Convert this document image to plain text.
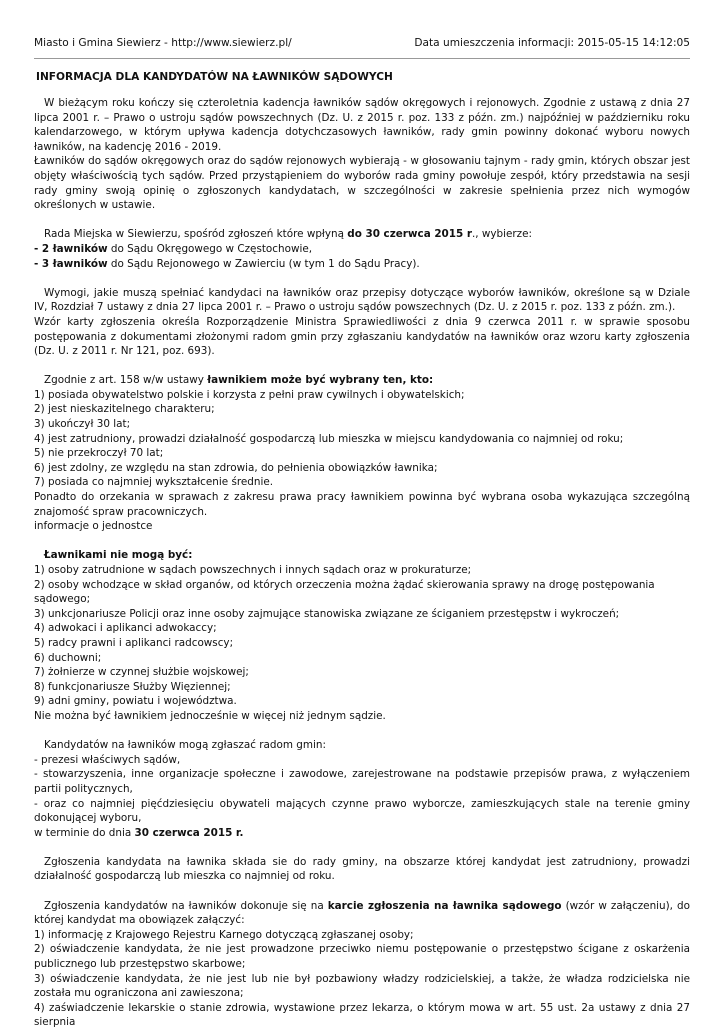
Miasto i Gmina Siewierz - http://www.siewierz.pl/	Data umieszczenia informacji: 2015-05-15 14:12:05
INFORMACJA DLA KANDYDATÓW NA ŁAWNIKÓW SĄDOWYCH

W bieżącym roku kończy się czteroletnia kadencja ławników sądów okręgowych i rejonowych. Zgodnie z ustawą z dnia 27 lipca 2001 r. – Prawo o ustroju sądów powszechnych (Dz. U. z 2015 r. poz. 133 z późn. zm.) najpóźniej w październiku roku kalendarzowego, w którym upływa kadencja dotychczasowych ławników, rady gmin powinny dokonać wyboru nowych ławników, na kadencję 2016 - 2019.

Ławników do sądów okręgowych oraz do sądów rejonowych wybierają - w głosowaniu tajnym - rady gmin, których obszar jest objęty właściwością tych sądów. Przed przystąpieniem do wyborów rada gminy powołuje zespół, który przedstawia na sesji rady gminy swoją opinię o zgłoszonych kandydatach, w szczególności w zakresie spełnienia przez nich wymogów określonych w ustawie.

Rada Miejska w Siewierzu, spośród zgłoszeń które wpłyną do 30 czerwca 2015 r., wybierze:

- 2 ławników do Sądu Okręgowego w Częstochowie,

- 3 ławników do Sądu Rejonowego w Zawierciu (w tym 1 do Sądu Pracy).

Wymogi, jakie muszą spełniać kandydaci na ławników oraz przepisy dotyczące wyborów ławników, określone są w Dziale IV, Rozdział 7 ustawy z dnia 27 lipca 2001 r. – Prawo o ustroju sądów powszechnych (Dz. U. z 2015 r. poz. 133 z późn. zm.).

Wzór karty zgłoszenia określa Rozporządzenie Ministra Sprawiedliwości z dnia 9 czerwca 2011 r. w sprawie sposobu postępowania z dokumentami złożonymi radom gmin przy zgłaszaniu kandydatów na ławników oraz wzoru karty zgłoszenia (Dz. U. z 2011 r. Nr 121, poz. 693).

Zgodnie z art. 158 w/w ustawy ławnikiem może być wybrany ten, kto:

1) posiada obywatelstwo polskie i korzysta z pełni praw cywilnych i obywatelskich;

2) jest nieskazitelnego charakteru;

3) ukończył 30 lat;

4) jest zatrudniony, prowadzi działalność gospodarczą lub mieszka w miejscu kandydowania co najmniej od roku;

5) nie przekroczył 70 lat;

6) jest zdolny, ze względu na stan zdrowia, do pełnienia obowiązków ławnika;

7) posiada co najmniej wykształcenie średnie.

Ponadto do orzekania w sprawach z zakresu prawa pracy ławnikiem powinna być wybrana osoba wykazująca szczególną znajomość spraw pracowniczych.

informacje o jednostce

Ławnikami nie mogą być:

1) osoby zatrudnione w sądach powszechnych i innych sądach oraz w prokuraturze;

2) osoby wchodzące w skład organów, od których orzeczenia można żądać skierowania sprawy na drogę postępowania sądowego;

3) unkcjonariusze Policji oraz inne osoby zajmujące stanowiska związane ze ściganiem przestępstw i wykroczeń;

4) adwokaci i aplikanci adwokaccy;

5) radcy prawni i aplikanci radcowscy;

6) duchowni;

7) żołnierze w czynnej służbie wojskowej;

8) funkcjonariusze Służby Więziennej;

9) adni gminy, powiatu i województwa.

Nie można być ławnikiem jednocześnie w więcej niż jednym sądzie.

Kandydatów na ławników mogą zgłaszać radom gmin:

- prezesi właściwych sądów,

- stowarzyszenia, inne organizacje społeczne i zawodowe, zarejestrowane na podstawie przepisów prawa, z wyłączeniem partii politycznych,

- oraz co najmniej pięćdziesięciu obywateli mających czynne prawo wyborcze, zamieszkujących stale na terenie gminy dokonującej wyboru,

w terminie do dnia 30 czerwca 2015 r.

Zgłoszenia kandydata na ławnika składa sie do rady gminy, na obszarze której kandydat jest zatrudniony, prowadzi działalność gospodarczą lub mieszka co najmniej od roku.

Zgłoszenia kandydatów na ławników dokonuje się na karcie zgłoszenia na ławnika sądowego (wzór w załączeniu), do której kandydat ma obowiązek załączyć:

1) informację z Krajowego Rejestru Karnego dotyczącą zgłaszanej osoby;

2) oświadczenie kandydata, że nie jest prowadzone przeciwko niemu postępowanie o przestępstwo ścigane z oskarżenia publicznego lub przestępstwo skarbowe;

3) oświadczenie kandydata, że nie jest lub nie był pozbawiony władzy rodzicielskiej, a także, że władza rodzicielska nie została mu ograniczona ani zawieszona;

4) zaświadczenie lekarskie o stanie zdrowia, wystawione przez lekarza, o którym mowa w art. 55 ust. 2a ustawy z dnia 27 sierpnia
